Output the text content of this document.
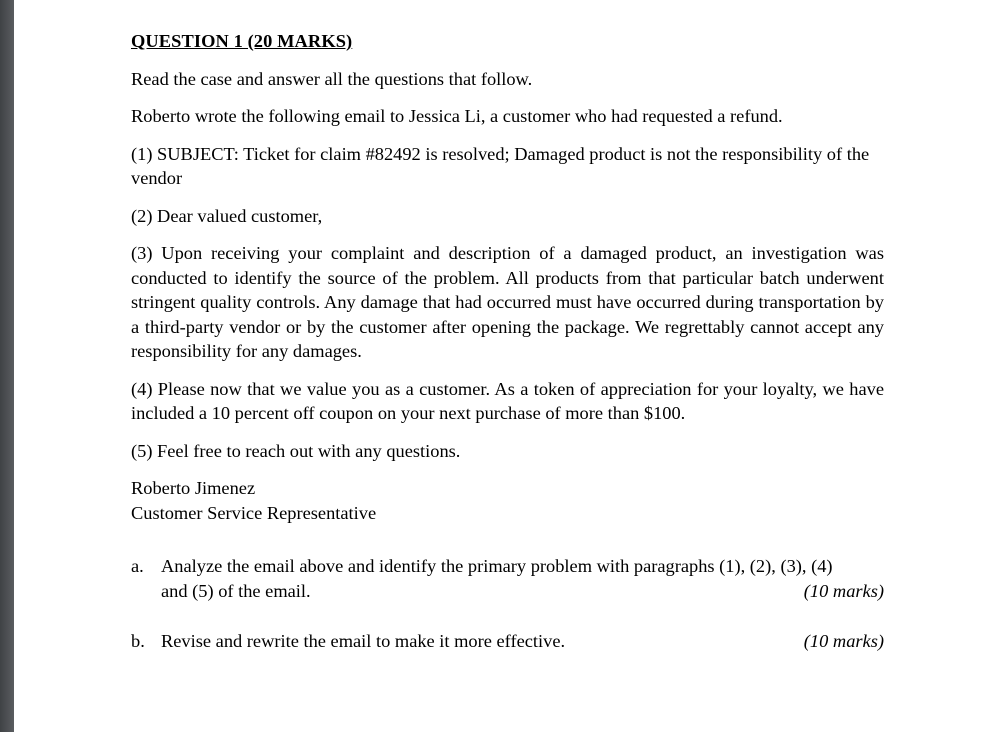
QUESTION 1 (20 MARKS)

Read the case and answer all the questions that follow.

Roberto wrote the following email to Jessica Li, a customer who had requested a refund.

(1) SUBJECT: Ticket for claim #82492 is resolved; Damaged product is not the responsibility of the vendor

(2) Dear valued customer,

(3) Upon receiving your complaint and description of a damaged product, an investigation was conducted to identify the source of the problem. All products from that particular batch underwent stringent quality controls. Any damage that had occurred must have occurred during transportation by a third-party vendor or by the customer after opening the package. We regrettably cannot accept any responsibility for any damages.

(4) Please now that we value you as a customer. As a token of appreciation for your loyalty, we have included a 10 percent off coupon on your next purchase of more than $100.

(5) Feel free to reach out with any questions.

Roberto Jimenez
Customer Service Representative
a. Analyze the email above and identify the primary problem with paragraphs (1), (2), (3), (4)
(10 marks)
and (5) of the email.
b.	(10 marks)
Revise and rewrite the email to make it more effective.
